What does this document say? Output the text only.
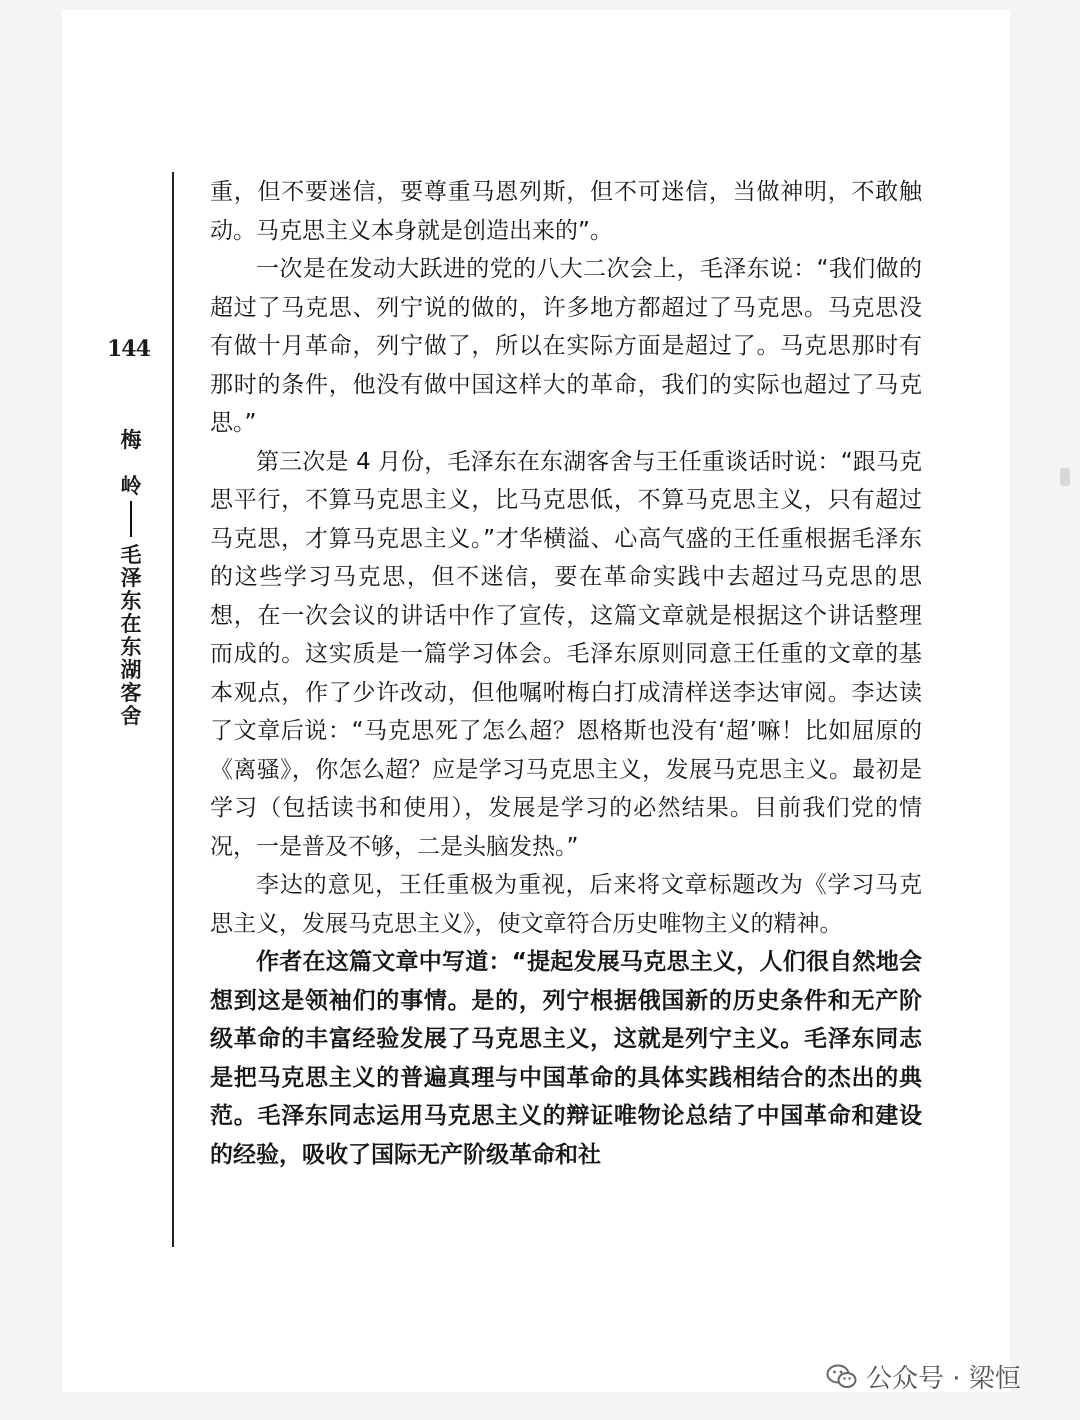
144
梅
岭
毛
泽
东
在
东
湖
客
舍

重，但不要迷信，要尊重马恩列斯，但不可迷信，当做神明，不敢触动。马克思主义本身就是创造出来的”。

一次是在发动大跃进的党的八大二次会上，毛泽东说：“我们做的超过了马克思、列宁说的做的，许多地方都超过了马克思。马克思没有做十月革命，列宁做了，所以在实际方面是超过了。马克思那时有那时的条件，他没有做中国这样大的革命，我们的实际也超过了马克思。”

第三次是 4 月份，毛泽东在东湖客舍与王任重谈话时说：“跟马克思平行，不算马克思主义，比马克思低，不算马克思主义，只有超过马克思，才算马克思主义。”才华横溢、心高气盛的王任重根据毛泽东的这些学习马克思，但不迷信，要在革命实践中去超过马克思的思想，在一次会议的讲话中作了宣传，这篇文章就是根据这个讲话整理而成的。这实质是一篇学习体会。毛泽东原则同意王任重的文章的基本观点，作了少许改动，但他嘱咐梅白打成清样送李达审阅。李达读了文章后说：“马克思死了怎么超？恩格斯也没有‘超’嘛！比如屈原的《离骚》，你怎么超？应是学习马克思主义，发展马克思主义。最初是学习（包括读书和使用），发展是学习的必然结果。目前我们党的情况，一是普及不够，二是头脑发热。”

李达的意见，王任重极为重视，后来将文章标题改为《学习马克思主义，发展马克思主义》，使文章符合历史唯物主义的精神。

作者在这篇文章中写道：“提起发展马克思主义，人们很自然地会想到这是领袖们的事情。是的，列宁根据俄国新的历史条件和无产阶级革命的丰富经验发展了马克思主义，这就是列宁主义。毛泽东同志是把马克思主义的普遍真理与中国革命的具体实践相结合的杰出的典范。毛泽东同志运用马克思主义的辩证唯物论总结了中国革命和建设的经验，吸收了国际无产阶级革命和社

公众号 · 梁恒
